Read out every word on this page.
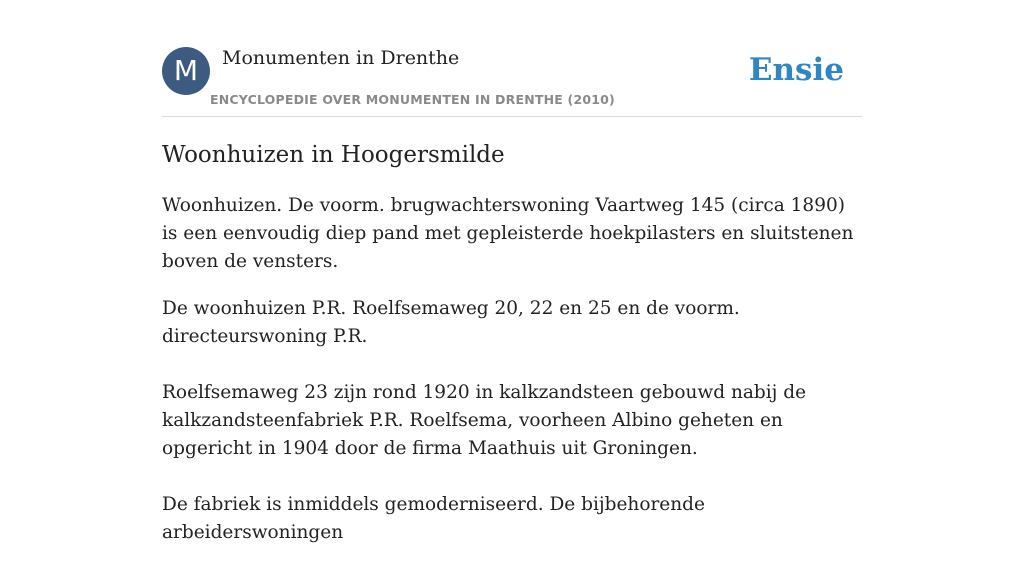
M	Monumenten in Drenthe
ENCYCLOPEDIE OVER MONUMENTEN IN DRENTHE (2010)
Ensie
Woonhuizen in Hoogersmilde

Woonhuizen. De voorm. brugwachterswoning Vaartweg 145 (circa 1890) is een eenvoudig diep pand met gepleisterde hoekpilasters en sluitstenen boven de vensters.

De woonhuizen P.R. Roelfsemaweg 20, 22 en 25 en de voorm. directeurswoning P.R.

Roelfsemaweg 23 zijn rond 1920 in kalkzandsteen gebouwd nabij de kalkzandsteenfabriek P.R. Roelfsema, voorheen Albino geheten en opgericht in 1904 door de firma Maathuis uit Groningen.

De fabriek is inmiddels gemoderniseerd. De bijbehorende arbeiderswoningen
